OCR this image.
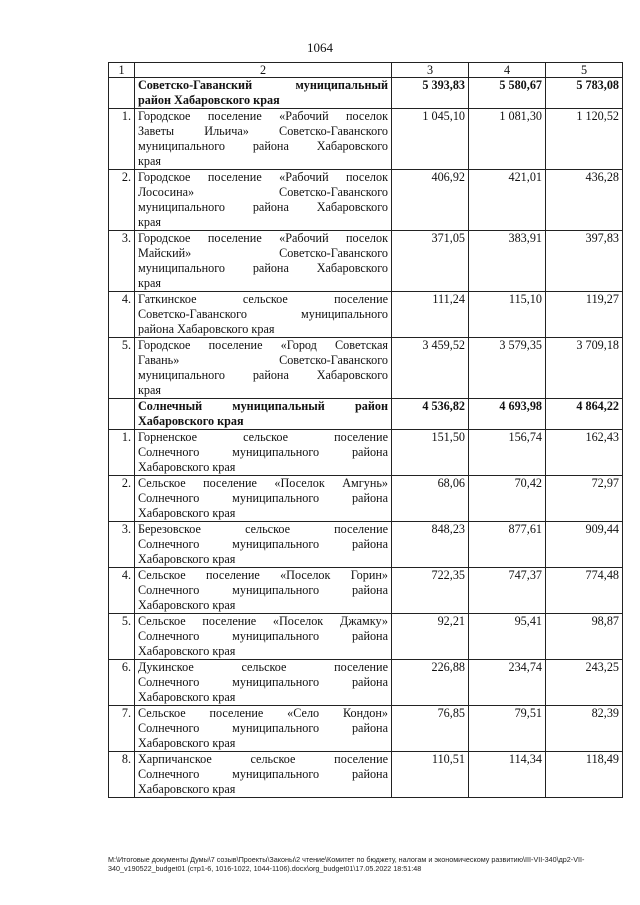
1064
1	2	3	4	5

	Советско-Гаванский муниципальный
район Хабаровского края	5 393,83	5 580,67	5 783,08
1.	Городское поселение «Рабочий поселок
Заветы Ильича» Советско-Гаванского
муниципального района Хабаровского
края	1 045,10	1 081,30	1 120,52
2.	Городское поселение «Рабочий поселок
Лососина» Советско-Гаванского
муниципального района Хабаровского
края	406,92	421,01	436,28
3.	Городское поселение «Рабочий поселок
Майский» Советско-Гаванского
муниципального района Хабаровского
края	371,05	383,91	397,83
4.	Гаткинское сельское поселение
Советско-Гаванского муниципального
района Хабаровского края	111,24	115,10	119,27
5.	Городское поселение «Город Советская
Гавань» Советско-Гаванского
муниципального района Хабаровского
края	3 459,52	3 579,35	3 709,18

	Солнечный муниципальный район
Хабаровского края	4 536,82	4 693,98	4 864,22
1.	Горненское сельское поселение
Солнечного муниципального района
Хабаровского края	151,50	156,74	162,43
2.	Сельское поселение «Поселок Амгунь»
Солнечного муниципального района
Хабаровского края	68,06	70,42	72,97
3.	Березовское сельское поселение
Солнечного муниципального района
Хабаровского края	848,23	877,61	909,44
4.	Сельское поселение «Поселок Горин»
Солнечного муниципального района
Хабаровского края	722,35	747,37	774,48
5.	Сельское поселение «Поселок Джамку»
Солнечного муниципального района
Хабаровского края	92,21	95,41	98,87
6.	Дукинское сельское поселение
Солнечного муниципального района
Хабаровского края	226,88	234,74	243,25
7.	Сельское поселение «Село Кондон»
Солнечного муниципального района
Хабаровского края	76,85	79,51	82,39
8.	Харпичанское сельское поселение
Солнечного муниципального района
Хабаровского края	110,51	114,34	118,49
М:\Итоговые документы Думы\7 созыв\Проекты\Законы\2 чтение\Комитет по бюджету, налогам и экономическому развитию\III-VII-340\др2-VII-340_v190522_budget01 (стр1-6, 1016-1022, 1044-1106).docx\org_budget01\17.05.2022 18:51:48
